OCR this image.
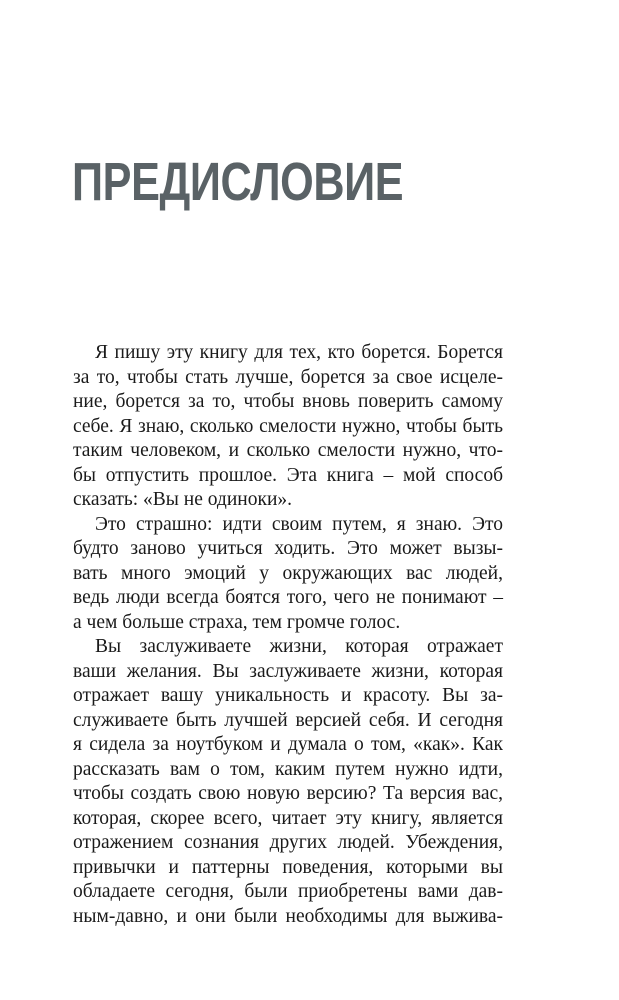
ПРЕДИСЛОВИЕ
Я пишу эту книгу для тех, кто борется. Борется
за то, чтобы стать лучше, борется за свое исцеле-
ние, борется за то, чтобы вновь поверить самому
себе. Я знаю, сколько смелости нужно, чтобы быть
таким человеком, и сколько смелости нужно, что-
бы отпустить прошлое. Эта книга – мой способ
сказать: «Вы не одиноки».
Это страшно: идти своим путем, я знаю. Это
будто заново учиться ходить. Это может вызы-
вать много эмоций у окружающих вас людей,
ведь люди всегда боятся того, чего не понимают –
а чем больше страха, тем громче голос.
Вы заслуживаете жизни, которая отражает
ваши желания. Вы заслуживаете жизни, которая
отражает вашу уникальность и красоту. Вы за-
служиваете быть лучшей версией себя. И сегодня
я сидела за ноутбуком и думала о том, «как». Как
рассказать вам о том, каким путем нужно идти,
чтобы создать свою новую версию? Та версия вас,
которая, скорее всего, читает эту книгу, является
отражением сознания других людей. Убеждения,
привычки и паттерны поведения, которыми вы
обладаете сегодня, были приобретены вами дав-
ным-давно, и они были необходимы для выжива-
